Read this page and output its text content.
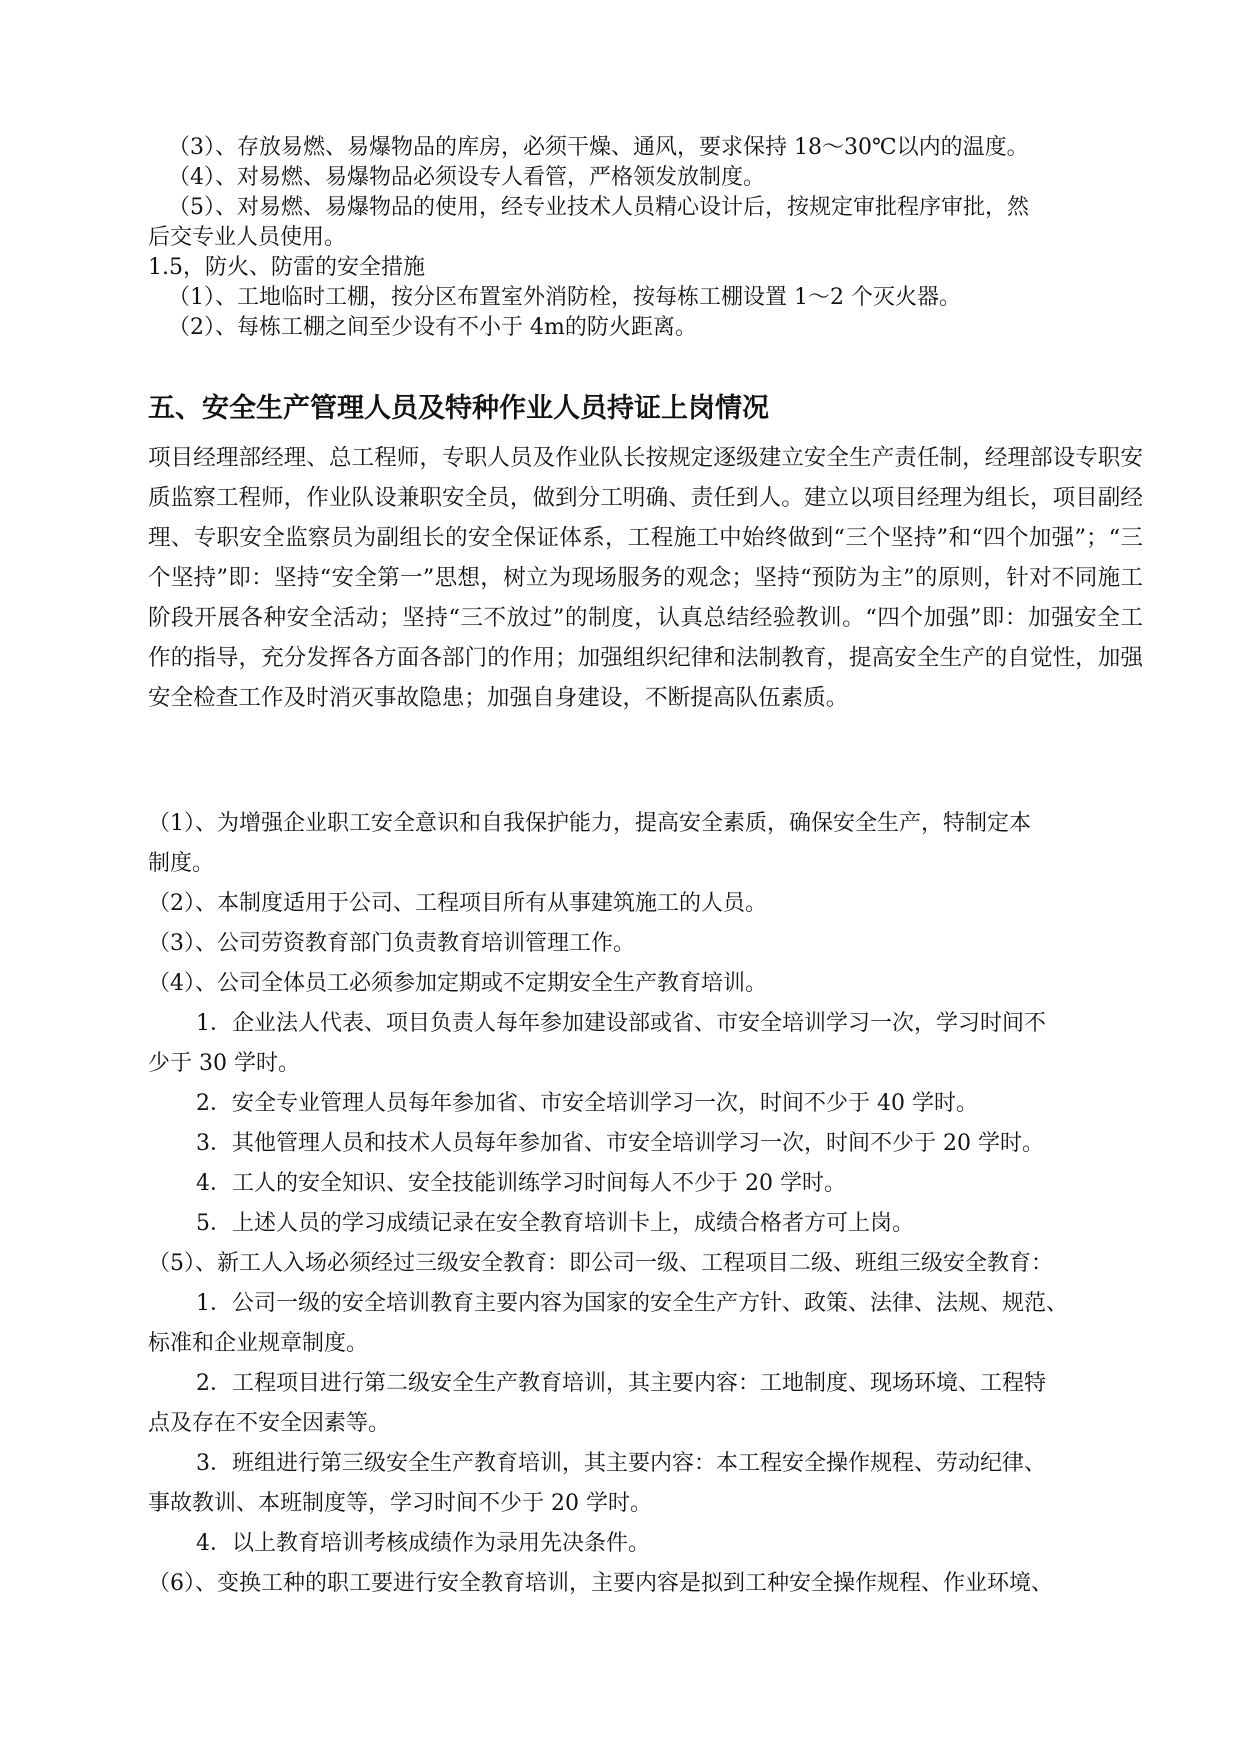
（3）、存放易燃、易爆物品的库房，必须干燥、通风，要求保持 18～30℃以内的温度。
（4）、对易燃、易爆物品必须设专人看管，严格领发放制度。
（5）、对易燃、易爆物品的使用，经专业技术人员精心设计后，按规定审批程序审批，然
后交专业人员使用。
1.5，防火、防雷的安全措施
（1）、工地临时工棚，按分区布置室外消防栓，按每栋工棚设置 1～2 个灭火器。
（2）、每栋工棚之间至少设有不小于 4m的防火距离。
五、安全生产管理人员及特种作业人员持证上岗情况

项目经理部经理、总工程师，专职人员及作业队长按规定逐级建立安全生产责任制，经理部设专职安质监察工程师，作业队设兼职安全员，做到分工明确、责任到人。建立以项目经理为组长，项目副经理、专职安全监察员为副组长的安全保证体系，工程施工中始终做到“三个坚持”和“四个加强”；“三个坚持”即：坚持“安全第一”思想，树立为现场服务的观念；坚持“预防为主”的原则，针对不同施工阶段开展各种安全活动；坚持“三不放过”的制度，认真总结经验教训。“四个加强”即：加强安全工作的指导，充分发挥各方面各部门的作用；加强组织纪律和法制教育，提高安全生产的自觉性，加强安全检查工作及时消灭事故隐患；加强自身建设，不断提高队伍素质。

（1）、为增强企业职工安全意识和自我保护能力，提高安全素质，确保安全生产，特制定本
制度。
（2）、本制度适用于公司、工程项目所有从事建筑施工的人员。
（3）、公司劳资教育部门负责教育培训管理工作。
（4）、公司全体员工必须参加定期或不定期安全生产教育培训。
1．企业法人代表、项目负责人每年参加建设部或省、市安全培训学习一次，学习时间不
少于 30 学时。
2．安全专业管理人员每年参加省、市安全培训学习一次，时间不少于 40 学时。
3．其他管理人员和技术人员每年参加省、市安全培训学习一次，时间不少于 20 学时。
4．工人的安全知识、安全技能训练学习时间每人不少于 20 学时。
5．上述人员的学习成绩记录在安全教育培训卡上，成绩合格者方可上岗。
（5）、新工人入场必须经过三级安全教育：即公司一级、工程项目二级、班组三级安全教育：
1．公司一级的安全培训教育主要内容为国家的安全生产方针、政策、法律、法规、规范、
标准和企业规章制度。
2．工程项目进行第二级安全生产教育培训，其主要内容：工地制度、现场环境、工程特
点及存在不安全因素等。
3．班组进行第三级安全生产教育培训，其主要内容：本工程安全操作规程、劳动纪律、
事故教训、本班制度等，学习时间不少于 20 学时。
4．以上教育培训考核成绩作为录用先决条件。
（6）、变换工种的职工要进行安全教育培训，主要内容是拟到工种安全操作规程、作业环境、
